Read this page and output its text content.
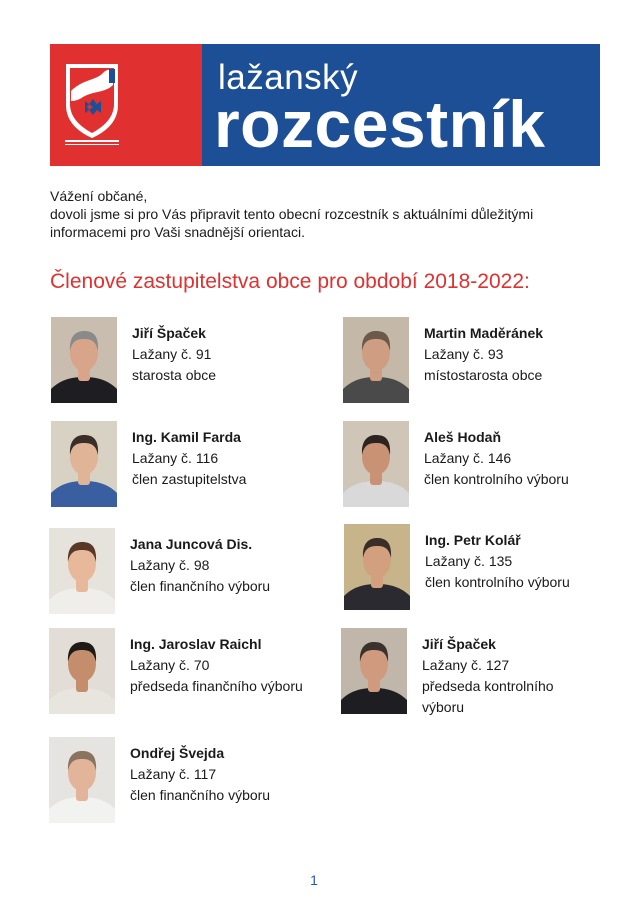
lažanský
rozcestník
Vážení občané,
dovoli jsme si pro Vás připravit tento obecní rozcestník s aktuálními důležitými
informacemi pro Vaši snadnější orientaci.
Členové zastupitelstva obce pro období 2018-2022:
Jiří Špaček
Lažany č. 91
starosta obce
Martin Maděránek
Lažany č. 93
místostarosta obce
Ing. Kamil Farda
Lažany č. 116
člen zastupitelstva
Aleš Hodaň
Lažany č. 146
člen kontrolního výboru
Jana Juncová Dis.
Lažany č. 98
člen finančního výboru
Ing. Petr Kolář
Lažany č. 135
člen kontrolního výboru
Ing. Jaroslav Raichl
Lažany č. 70
předseda finančního výboru
Jiří Špaček
Lažany č. 127
předseda kontrolního výboru
Ondřej Švejda
Lažany č. 117
člen finančního výboru
1
